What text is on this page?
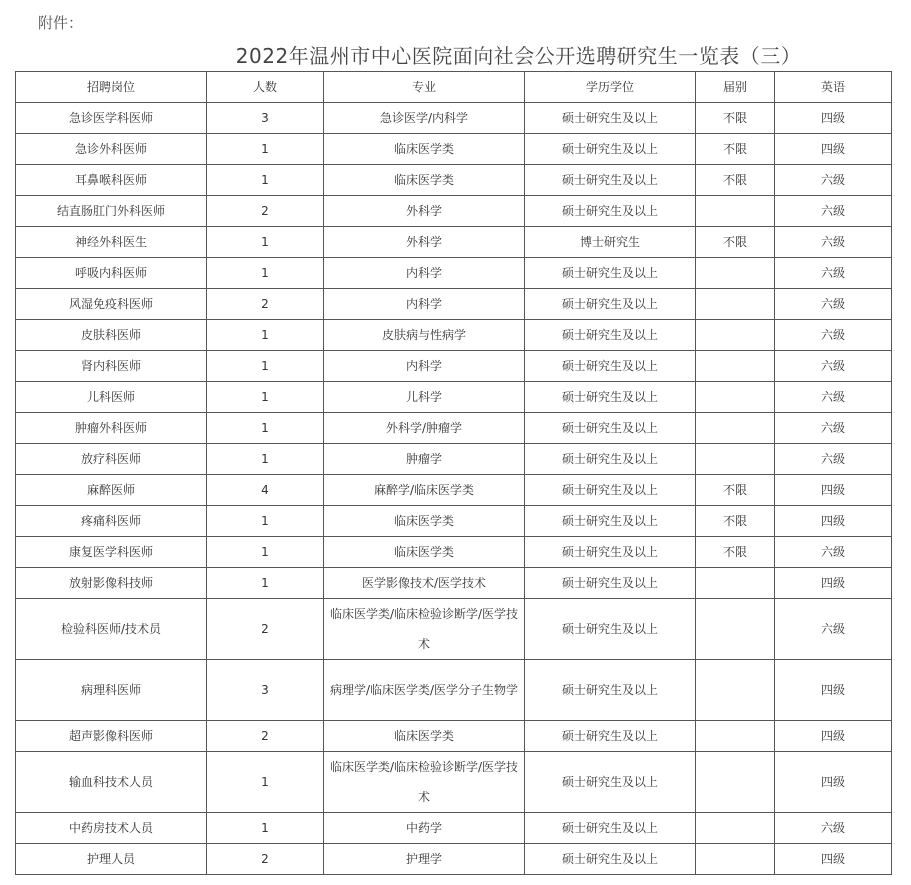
附件：
2022年温州市中心医院面向社会公开选聘研究生一览表（三）
招聘岗位	人数	专业	学历学位	届别	英语
急诊医学科医师	3	急诊医学/内科学	硕士研究生及以上	不限	四级
急诊外科医师	1	临床医学类	硕士研究生及以上	不限	四级
耳鼻喉科医师	1	临床医学类	硕士研究生及以上	不限	六级
结直肠肛门外科医师	2	外科学	硕士研究生及以上		六级
神经外科医生	1	外科学	博士研究生	不限	六级
呼吸内科医师	1	内科学	硕士研究生及以上		六级
风湿免疫科医师	2	内科学	硕士研究生及以上		六级
皮肤科医师	1	皮肤病与性病学	硕士研究生及以上		六级
肾内科医师	1	内科学	硕士研究生及以上		六级
儿科医师	1	儿科学	硕士研究生及以上		六级
肿瘤外科医师	1	外科学/肿瘤学	硕士研究生及以上		六级
放疗科医师	1	肿瘤学	硕士研究生及以上		六级
麻醉医师	4	麻醉学/临床医学类	硕士研究生及以上	不限	四级
疼痛科医师	1	临床医学类	硕士研究生及以上	不限	四级
康复医学科医师	1	临床医学类	硕士研究生及以上	不限	六级
放射影像科技师	1	医学影像技术/医学技术	硕士研究生及以上		四级
检验科医师/技术员	2	临床医学类/临床检验诊断学/医学技术	硕士研究生及以上		六级
病理科医师	3	病理学/临床医学类/医学分子生物学	硕士研究生及以上		四级
超声影像科医师	2	临床医学类	硕士研究生及以上		四级
输血科技术人员	1	临床医学类/临床检验诊断学/医学技术	硕士研究生及以上		四级
中药房技术人员	1	中药学	硕士研究生及以上		六级
护理人员	2	护理学	硕士研究生及以上		四级
